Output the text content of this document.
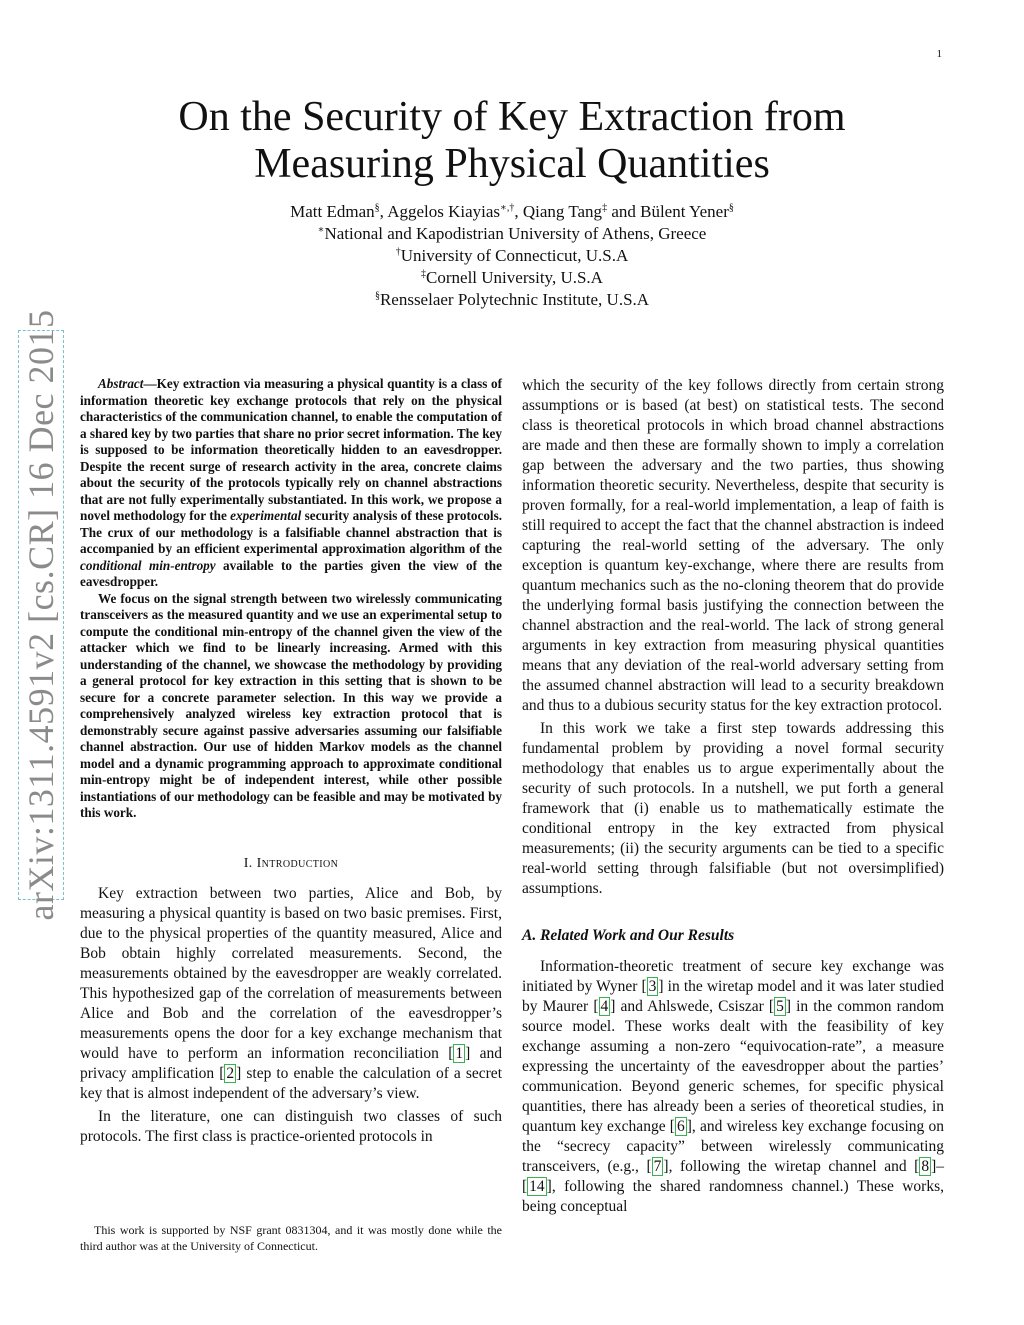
1
arXiv:1311.4591v2 [cs.CR] 16 Dec 2015
On the Security of Key Extraction from Measuring Physical Quantities
Matt Edman§, Aggelos Kiayias∗,†, Qiang Tang‡ and Bülent Yener§
∗National and Kapodistrian University of Athens, Greece
†University of Connecticut, U.S.A
‡Cornell University, U.S.A
§Rensselaer Polytechnic Institute, U.S.A

Abstract—Key extraction via measuring a physical quantity is a class of information theoretic key exchange protocols that rely on the physical characteristics of the communication channel, to enable the computation of a shared key by two parties that share no prior secret information. The key is supposed to be information theoretically hidden to an eavesdropper. Despite the recent surge of research activity in the area, concrete claims about the security of the protocols typically rely on channel abstractions that are not fully experimentally substantiated. In this work, we propose a novel methodology for the experimental security analysis of these protocols. The crux of our methodology is a falsifiable channel abstraction that is accompanied by an efficient experimental approximation algorithm of the conditional min-entropy available to the parties given the view of the eavesdropper.

We focus on the signal strength between two wirelessly communicating transceivers as the measured quantity and we use an experimental setup to compute the conditional min-entropy of the channel given the view of the attacker which we find to be linearly increasing. Armed with this understanding of the channel, we showcase the methodology by providing a general protocol for key extraction in this setting that is shown to be secure for a concrete parameter selection. In this way we provide a comprehensively analyzed wireless key extraction protocol that is demonstrably secure against passive adversaries assuming our falsifiable channel abstraction. Our use of hidden Markov models as the channel model and a dynamic programming approach to approximate conditional min-entropy might be of independent interest, while other possible instantiations of our methodology can be feasible and may be motivated by this work.

I. Introduction

Key extraction between two parties, Alice and Bob, by measuring a physical quantity is based on two basic premises. First, due to the physical properties of the quantity measured, Alice and Bob obtain highly correlated measurements. Second, the measurements obtained by the eavesdropper are weakly correlated. This hypothesized gap of the correlation of measurements between Alice and Bob and the correlation of the eavesdropper’s measurements opens the door for a key exchange mechanism that would have to perform an information reconciliation [ 1 ] and privacy amplification [ 2 ] step to enable the calculation of a secret key that is almost independent of the adversary’s view.

In the literature, one can distinguish two classes of such protocols. The first class is practice-oriented protocols in

This work is supported by NSF grant 0831304, and it was mostly done while the third author was at the University of Connecticut.

which the security of the key follows directly from certain strong assumptions or is based (at best) on statistical tests. The second class is theoretical protocols in which broad channel abstractions are made and then these are formally shown to imply a correlation gap between the adversary and the two parties, thus showing information theoretic security. Nevertheless, despite that security is proven formally, for a real-world implementation, a leap of faith is still required to accept the fact that the channel abstraction is indeed capturing the real-world setting of the adversary. The only exception is quantum key-exchange, where there are results from quantum mechanics such as the no-cloning theorem that do provide the underlying formal basis justifying the connection between the channel abstraction and the real-world. The lack of strong general arguments in key extraction from measuring physical quantities means that any deviation of the real-world adversary setting from the assumed channel abstraction will lead to a security breakdown and thus to a dubious security status for the key extraction protocol.

In this work we take a first step towards addressing this fundamental problem by providing a novel formal security methodology that enables us to argue experimentally about the security of such protocols. In a nutshell, we put forth a general framework that (i) enable us to mathematically estimate the conditional entropy in the key extracted from physical measurements; (ii) the security arguments can be tied to a specific real-world setting through falsifiable (but not oversimplified) assumptions.

A. Related Work and Our Results

Information-theoretic treatment of secure key exchange was initiated by Wyner [ 3 ] in the wiretap model and it was later studied by Maurer [ 4 ] and Ahlswede, Csiszar [ 5 ] in the common random source model. These works dealt with the feasibility of key exchange assuming a non-zero “equivocation-rate”, a measure expressing the uncertainty of the eavesdropper about the parties’ communication. Beyond generic schemes, for specific physical quantities, there has already been a series of theoretical studies, in quantum key exchange [ 6 ], and wireless key exchange focusing on the “secrecy capacity” between wirelessly communicating transceivers, (e.g., [ 7 ], following the wiretap channel and [ 8 ]–[ 14 ], following the shared randomness channel.) These works, being conceptual
